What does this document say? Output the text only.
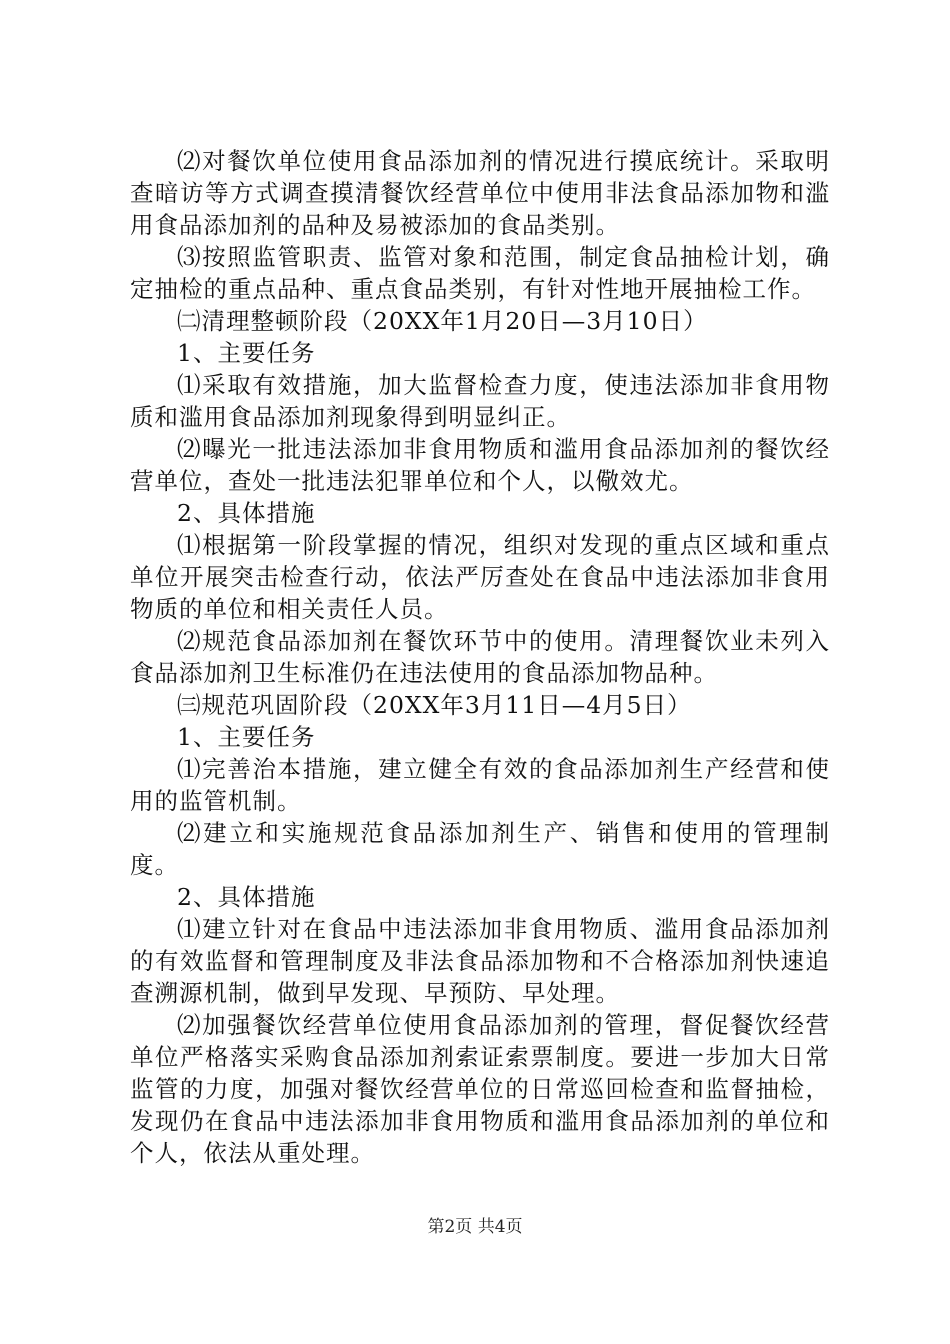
⑵对餐饮单位使用食品添加剂的情况进行摸底统计。采取明查暗访等方式调查摸清餐饮经营单位中使用非法食品添加物和滥用食品添加剂的品种及易被添加的食品类别。

⑶按照监管职责、监管对象和范围，制定食品抽检计划，确定抽检的重点品种、重点食品类别，有针对性地开展抽检工作。

㈡清理整顿阶段（20XX年1月20日—3月10日）

1、主要任务

⑴采取有效措施，加大监督检查力度，使违法添加非食用物质和滥用食品添加剂现象得到明显纠正。

⑵曝光一批违法添加非食用物质和滥用食品添加剂的餐饮经营单位，查处一批违法犯罪单位和个人，以儆效尤。

2、具体措施

⑴根据第一阶段掌握的情况，组织对发现的重点区域和重点单位开展突击检查行动，依法严厉查处在食品中违法添加非食用物质的单位和相关责任人员。

⑵规范食品添加剂在餐饮环节中的使用。清理餐饮业未列入食品添加剂卫生标准仍在违法使用的食品添加物品种。

㈢规范巩固阶段（20XX年3月11日—4月5日）

1、主要任务

⑴完善治本措施，建立健全有效的食品添加剂生产经营和使用的监管机制。

⑵建立和实施规范食品添加剂生产、销售和使用的管理制度。

2、具体措施

⑴建立针对在食品中违法添加非食用物质、滥用食品添加剂的有效监督和管理制度及非法食品添加物和不合格添加剂快速追查溯源机制，做到早发现、早预防、早处理。

⑵加强餐饮经营单位使用食品添加剂的管理，督促餐饮经营单位严格落实采购食品添加剂索证索票制度。要进一步加大日常监管的力度，加强对餐饮经营单位的日常巡回检查和监督抽检，发现仍在食品中违法添加非食用物质和滥用食品添加剂的单位和个人，依法从重处理。

第2页 共4页
